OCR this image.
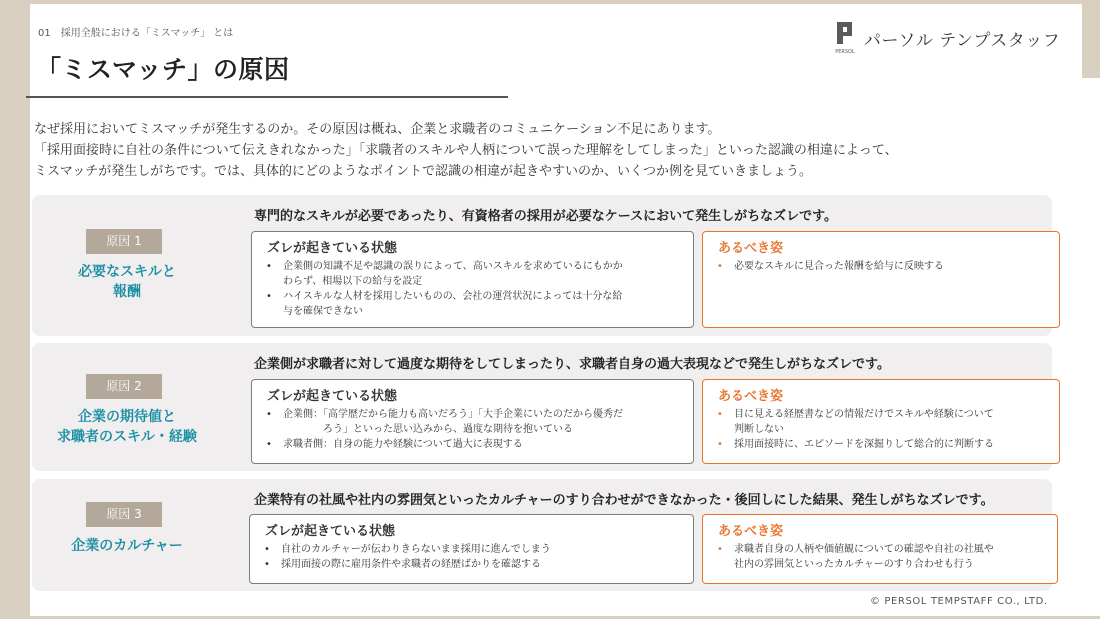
01　採用全般における「ミスマッチ」 とは
「ミスマッチ」の原因
PERSOL
パーソル テンプスタッフ
なぜ採用においてミスマッチが発生するのか。その原因は概ね、企業と求職者のコミュニケーション不足にあります。
「採用面接時に自社の条件について伝えきれなかった」「求職者のスキルや人柄について誤った理解をしてしまった」といった認識の相違によって、
ミスマッチが発生しがちです。では、具体的にどのようなポイントで認識の相違が起きやすいのか、いくつか例を見ていきましょう。
原因 1
必要なスキルと
報酬
専門的なスキルが必要であったり、有資格者の採用が必要なケースにおいて発生しがちなズレです。
ズレが起きている状態
• 企業側の知識不足や認識の誤りによって、高いスキルを求めているにもかか
わらず、相場以下の給与を設定
• ハイスキルな人材を採用したいものの、会社の運営状況によっては十分な給
与を確保できない
あるべき姿
• 必要なスキルに見合った報酬を給与に反映する
原因 2
企業の期待値と
求職者のスキル・経験
企業側が求職者に対して過度な期待をしてしまったり、求職者自身の過大表現などで発生しがちなズレです。
ズレが起きている状態
• 企業側：「高学歴だから能力も高いだろう」「大手企業にいたのだから優秀だ
　　　　ろう」といった思い込みから、過度な期待を抱いている
• 求職者側：自身の能力や経験について過大に表現する
あるべき姿
• 目に見える経歴書などの情報だけでスキルや経験について
判断しない
• 採用面接時に、エピソードを深掘りして総合的に判断する
原因 3
企業のカルチャー
企業特有の社風や社内の雰囲気といったカルチャーのすり合わせができなかった・後回しにした結果、発生しがちなズレです。
ズレが起きている状態
• 自社のカルチャーが伝わりきらないまま採用に進んでしまう
• 採用面接の際に雇用条件や求職者の経歴ばかりを確認する
あるべき姿
• 求職者自身の人柄や価値観についての確認や自社の社風や
社内の雰囲気といったカルチャーのすり合わせも行う
© PERSOL TEMPSTAFF CO., LTD.
